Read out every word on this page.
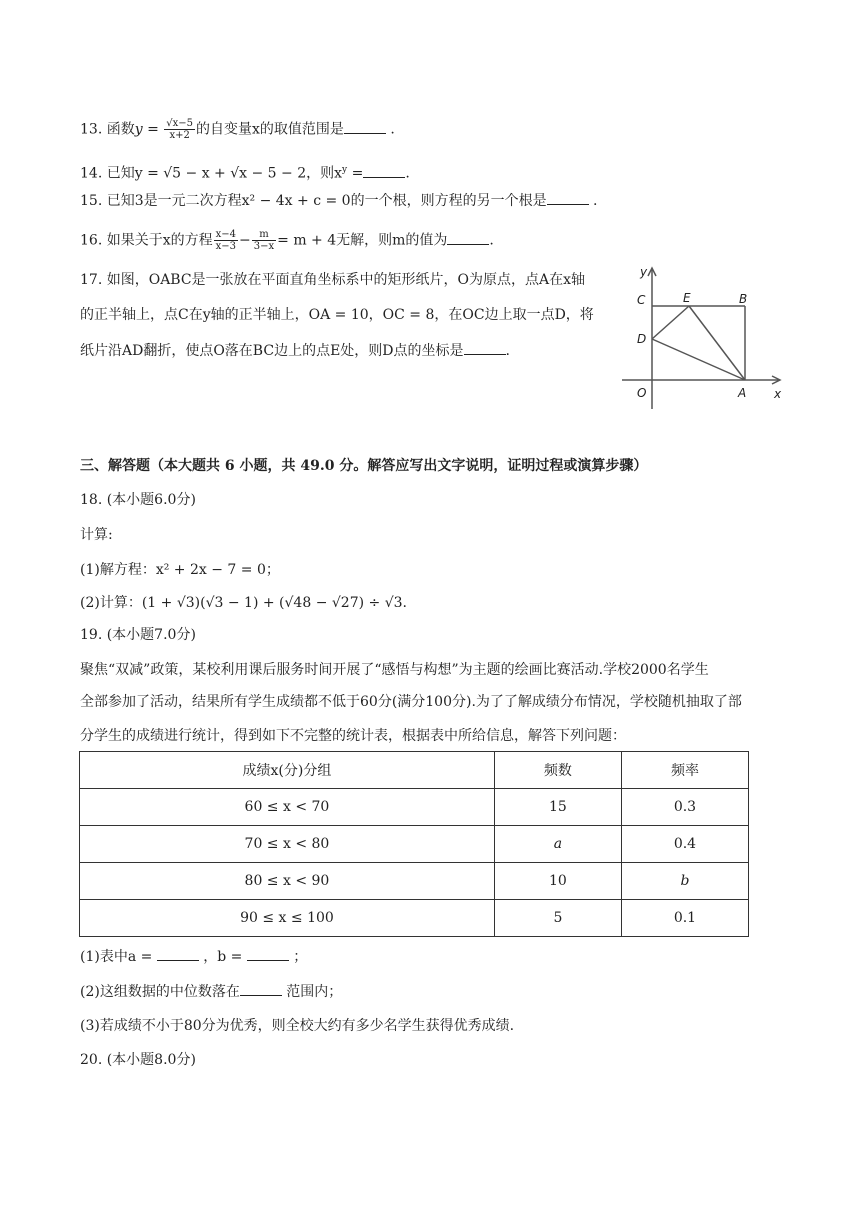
13. 函数$y = \frac{√x-5}{x+2}$ 的自变量x的取值范围是	.
14. 已知y = √5 − x + √x − 5 − 2，则$x^y$ =	.
15. 已知3是一元二次方程x² − 4x + c = 0的一个根，则方程的另一个根是	.
16. 如果关于x的方程 $\frac{x-4}{x-3} - \frac{m}{3-x} = m + 4$无解，则m的值为	.
17. 如图，OABC是一张放在平面直角坐标系中的矩形纸片，O为原点，点A在x轴
的正半轴上，点C在y轴的正半轴上，OA = 10，OC = 8，在OC边上取一点D，将
纸片沿AD翻折，使点O落在BC边上的点E处，则D点的坐标是	.
y
x
C	E	B
D
O	A
三、解答题（本大题共 6 小题，共 49.0 分。解答应写出文字说明，证明过程或演算步骤）
18. (本小题6.0分)
计算:
(1)解方程：x² + 2x − 7 = 0；
(2)计算：(1 + √3)(√3 − 1) + (√48 − √27) ÷ √3.
19. (本小题7.0分)
聚焦“双减”政策，某校利用课后服务时间开展了“感悟与构想”为主题的绘画比赛活动.学校2000名学生
全部参加了活动，结果所有学生成绩都不低于60分(满分100分).为了了解成绩分布情况，学校随机抽取了部
分学生的成绩进行统计，得到如下不完整的统计表，根据表中所给信息，解答下列问题：
成绩x(分)分组	频数	频率
60 ≤ x < 70	15	0.3
70 ≤ x < 80	a	0.4
80 ≤ x < 90	10	b
90 ≤ x ≤ 100	5	0.1
(1)表中a =	，b =	；
(2)这组数据的中位数落在	范围内；
(3)若成绩不小于80分为优秀，则全校大约有多少名学生获得优秀成绩.
20. (本小题8.0分)
